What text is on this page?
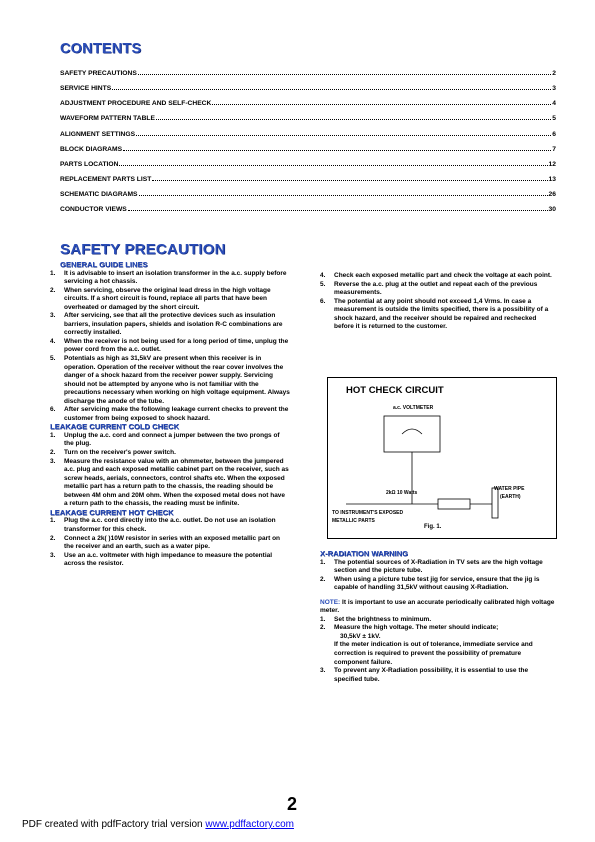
CONTENTS
SAFETY PRECAUTIONS	2
SERVICE HINTS	3
ADJUSTMENT PROCEDURE AND SELF-CHECK	4
WAVEFORM PATTERN TABLE	5
ALIGNMENT SETTINGS	6
BLOCK DIAGRAMS	7
PARTS LOCATION	12
REPLACEMENT PARTS LIST	13
SCHEMATIC DIAGRAMS	26
CONDUCTOR VIEWS	30
SAFETY PRECAUTION
GENERAL GUIDE LINES
1. It is advisable to insert an isolation transformer in the a.c. supply before servicing a hot chassis.
2. When servicing, observe the original lead dress in the high voltage circuits. If a short circuit is found, replace all parts that have been overheated or damaged by the short circuit.
3. After servicing, see that all the protective devices such as insulation barriers, insulation papers, shields and isolation R-C combinations are correctly installed.
4. When the receiver is not being used for a long period of time, unplug the power cord from the a.c. outlet.
5. Potentials as high as 31,5kV are present when this receiver is in operation. Operation of the receiver without the rear cover involves the danger of a shock hazard from the receiver power supply. Servicing should not be attempted by anyone who is not familiar with the precautions necessary when working on high voltage equipment. Always discharge the anode of the tube.
6. After servicing make the following leakage current checks to prevent the customer from being exposed to shock hazard.
LEAKAGE CURRENT COLD CHECK
1. Unplug the a.c. cord and connect a jumper between the two prongs of the plug.
2. Turn on the receiver's power switch.
3. Measure the resistance value with an ohmmeter, between the jumpered a.c. plug and each exposed metallic cabinet part on the receiver, such as screw heads, aerials, connectors, control shafts etc. When the exposed metallic part has a return path to the chassis, the reading should be between 4M ohm and 20M ohm. When the exposed metal does not have a return path to the chassis, the reading must be infinite.
LEAKAGE CURRENT HOT CHECK
1. Plug the a.c. cord directly into the a.c. outlet. Do not use an isolation transformer for this check.
2. Connect a 2k( )10W resistor in series with an exposed metallic part on the receiver and an earth, such as a water pipe.
3. Use an a.c. voltmeter with high impedance to measure the potential across the resistor.
4. Check each exposed metallic part and check the voltage at each point.
5. Reverse the a.c. plug at the outlet and repeat each of the previous measurements.
6. The potential at any point should not exceed 1,4 Vrms. In case a measurement is outside the limits specified, there is a possibility of a shock hazard, and the receiver should be repaired and rechecked before it is returned to the customer.
HOT CHECK CIRCUIT
a.c. VOLTMETER
2kΩ 10 Watts
WATER PIPE
(EARTH)
TO INSTRUMENT'S EXPOSED
METALLIC PARTS
Fig. 1.
X-RADIATION WARNING
1. The potential sources of X-Radiation in TV sets are the high voltage section and the picture tube.
2. When using a picture tube test jig for service, ensure that the jig is capable of handling 31,5kV without causing X-Radiation.

NOTE: It is important to use an accurate periodically calibrated high voltage meter.

1. Set the brightness to minimum.
2. Measure the high voltage. The meter should indicate;
30,5kV ± 1kV.
If the meter indication is out of tolerance, immediate service and correction is required to prevent the possibility of premature component failure.
3. To prevent any X-Radiation possibility, it is essential to use the specified tube.
2
PDF created with pdfFactory trial version www.pdffactory.com
